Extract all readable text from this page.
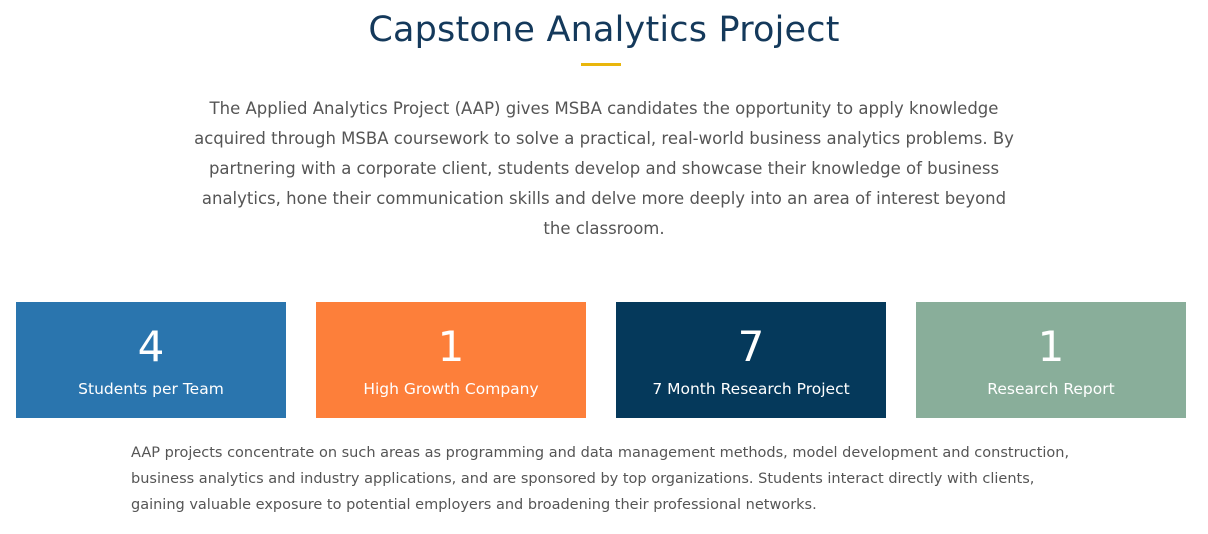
Capstone Analytics Project

The Applied Analytics Project (AAP) gives MSBA candidates the opportunity to apply knowledge acquired through MSBA coursework to solve a practical, real-world business analytics problems. By partnering with a corporate client, students develop and showcase their knowledge of business analytics, hone their communication skills and delve more deeply into an area of interest beyond the classroom.

4
Students per Team
1
High Growth Company
7
7 Month Research Project
1
Research Report

AAP projects concentrate on such areas as programming and data management methods, model development and construction, business analytics and industry applications, and are sponsored by top organizations. Students interact directly with clients, gaining valuable exposure to potential employers and broadening their professional networks.
